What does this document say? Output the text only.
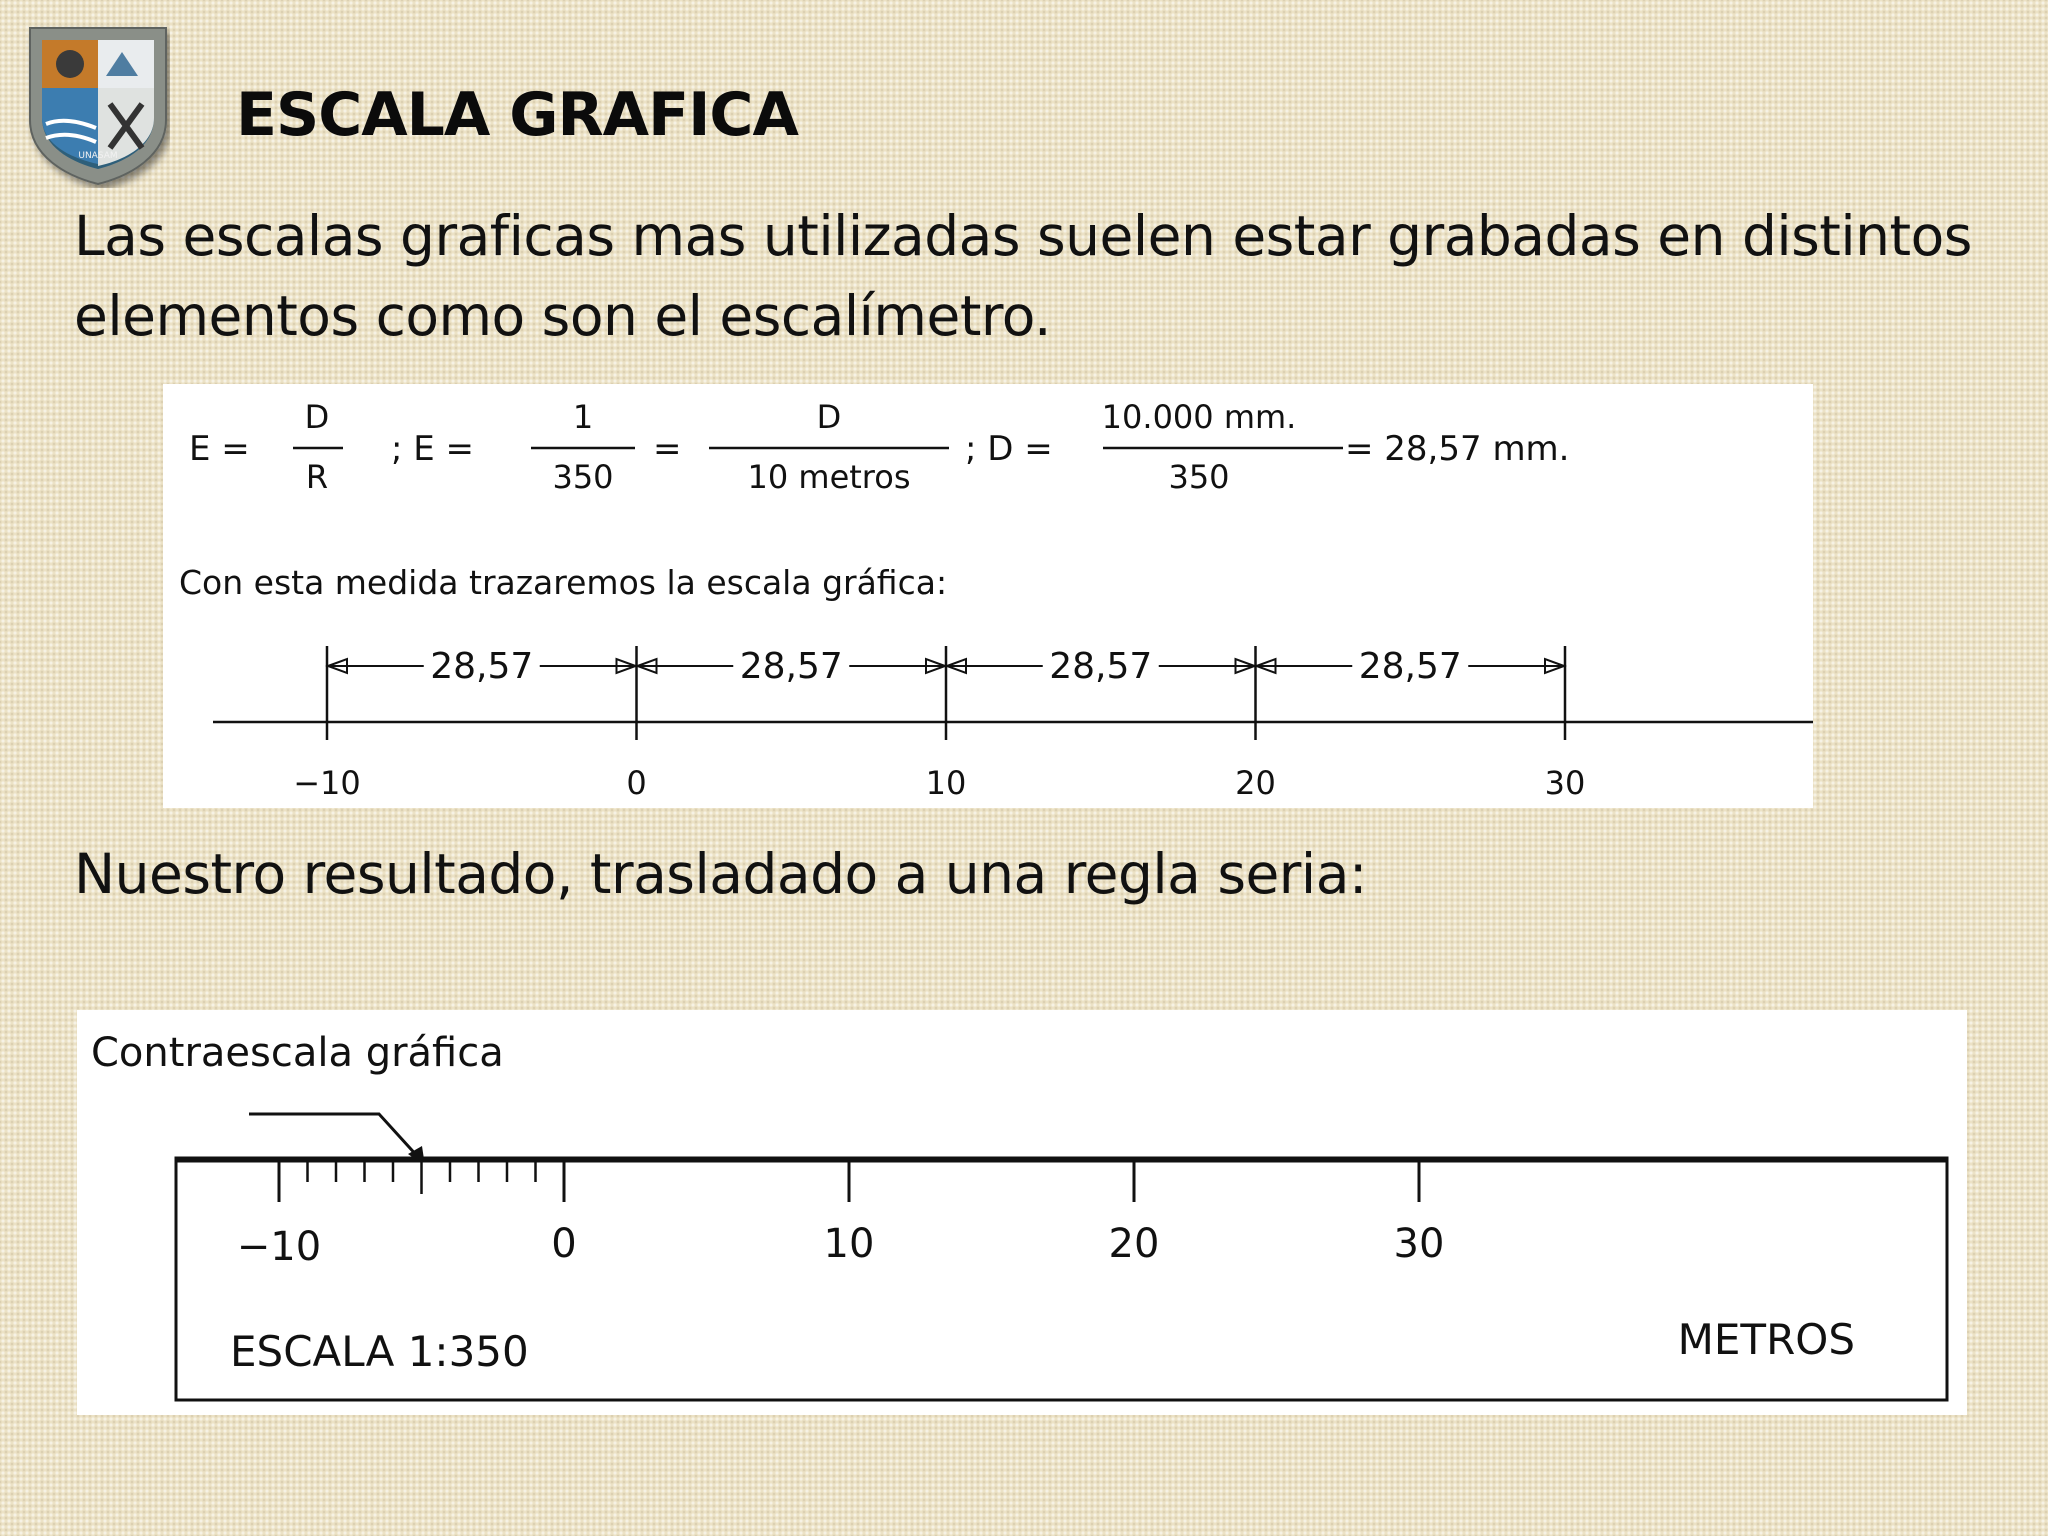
UNASAM
ESCALA GRAFICA

Las escalas graficas mas utilizadas suelen estar grabadas en distintos elementos como son el escalímetro.

E =
D
R
; E =
1
350
=
D
10 metros
; D =
10.000 mm.
350
= 28,57 mm.
Con esta medida trazaremos la escala gráfica:
−10	0	10	20	30
28,57	28,57	28,57	28,57

Nuestro resultado, trasladado a una regla seria:

Contraescala gráfica
−10	0	10	20	30
ESCALA 1:350	METROS
